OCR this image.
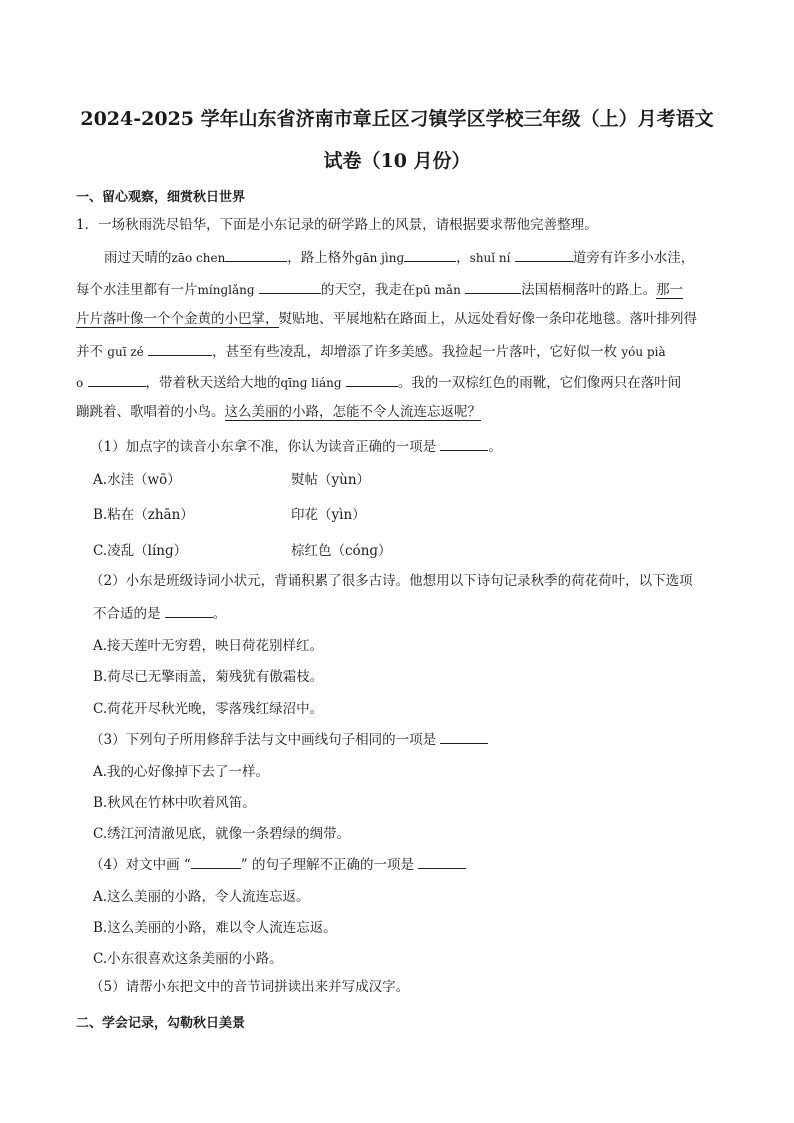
2024-2025 学年山东省济南市章丘区刁镇学区学校三年级（上）月考语文
试卷（10 月份）
一、留心观察，细赏秋日世界
1．一场秋雨洗尽铅华，下面是小东记录的研学路上的风景，请根据要求帮他完善整理。
雨过天晴的zāo chen	，路上格外ɡān jìnɡ	，shuǐ ní	道旁有许多小水洼，
每个水洼里都有一片mínɡlǎnɡ	的天空，我走在pū mǎn	法国梧桐落叶的路上。那一
片片落叶像一个个金黄的小巴掌，熨贴地、平展地粘在路面上，从远处看好像一条印花地毯。落叶排列得
并不 ɡuī zé	，甚至有些凌乱，却增添了许多美感。我捡起一片落叶，它好似一枚 yóu pià
o	，带着秋天送给大地的qīnɡ liánɡ	。我的一双棕红色的雨靴，它们像两只在落叶间
蹦跳着、歌唱着的小鸟。这么美丽的小路，怎能不令人流连忘返呢？
（1）加点字的读音小东拿不准，你认为读音正确的一项是	。
A.水洼（wō）	熨帖（yùn）
B.粘在（zhān）	印花（yìn）
C.凌乱（línɡ）	棕红色（cónɡ）
（2）小东是班级诗词小状元，背诵积累了很多古诗。他想用以下诗句记录秋季的荷花荷叶，以下选项
不合适的是	。
A.接天莲叶无穷碧，映日荷花别样红。
B.荷尽已无擎雨盖，菊残犹有傲霜枝。
C.荷花开尽秋光晚，零落残红绿沼中。
（3）下列句子所用修辞手法与文中画线句子相同的一项是
A.我的心好像掉下去了一样。
B.秋风在竹林中吹着风笛。
C.绣江河清澈见底，就像一条碧绿的绸带。
（4）对文中画 “	” 的句子理解不正确的一项是
A.这么美丽的小路，令人流连忘返。
B.这么美丽的小路，难以令人流连忘返。
C.小东很喜欢这条美丽的小路。
（5）请帮小东把文中的音节词拼读出来并写成汉字。
二、学会记录，勾勒秋日美景
